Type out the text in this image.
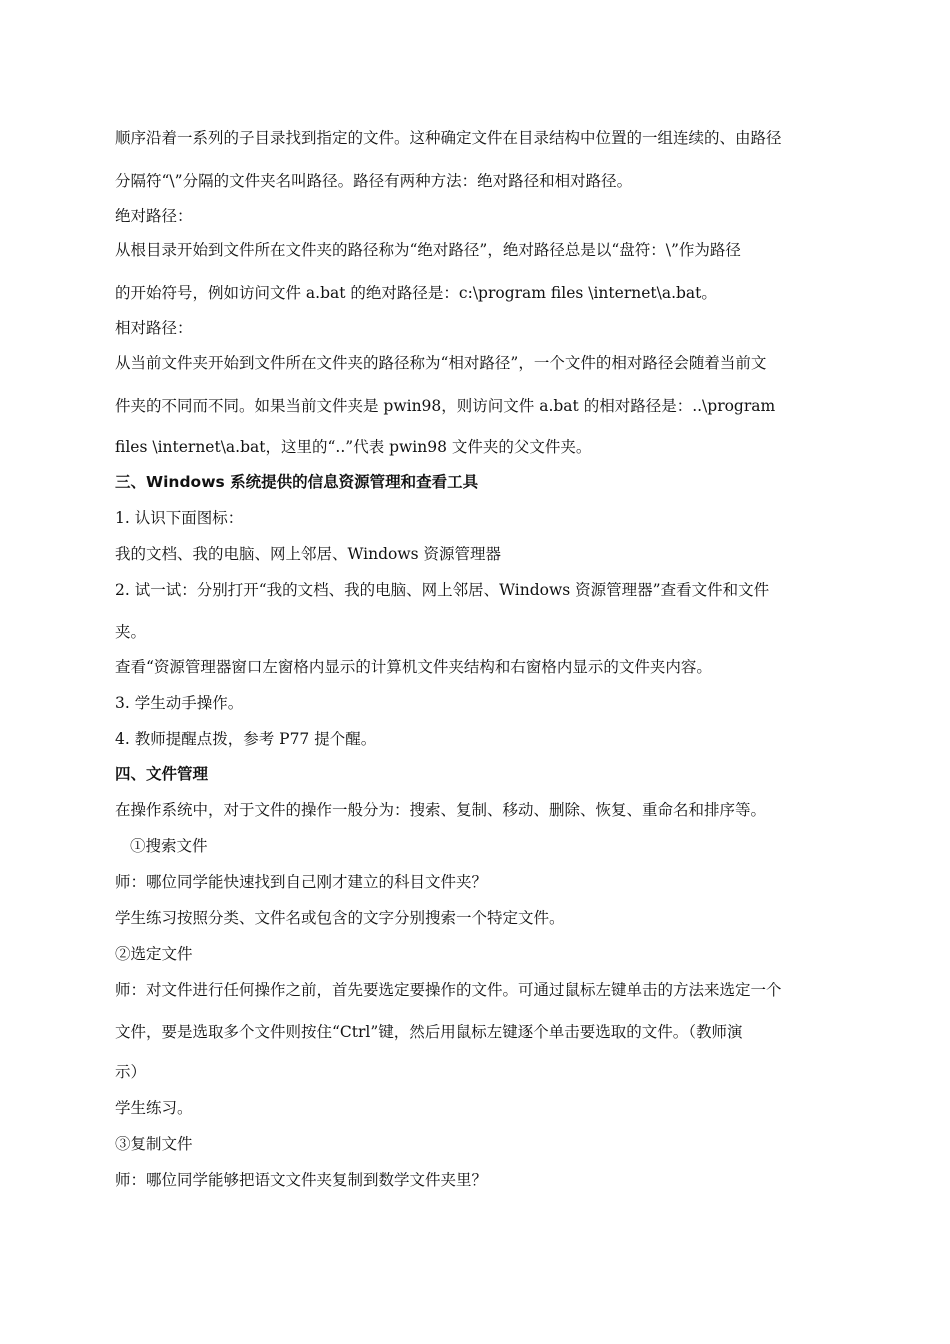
顺序沿着一系列的子目录找到指定的文件。这种确定文件在目录结构中位置的一组连续的、由路径
分隔符“\”分隔的文件夹名叫路径。路径有两种方法：绝对路径和相对路径。
绝对路径：
从根目录开始到文件所在文件夹的路径称为“绝对路径”，绝对路径总是以“盘符：\”作为路径
的开始符号，例如访问文件 a.bat 的绝对路径是：c:\program files \internet\a.bat。
相对路径：
从当前文件夹开始到文件所在文件夹的路径称为“相对路径”，一个文件的相对路径会随着当前文
件夹的不同而不同。如果当前文件夹是 pwin98，则访问文件 a.bat 的相对路径是：..\program
files \internet\a.bat，这里的“..”代表 pwin98 文件夹的父文件夹。
三、Windows 系统提供的信息资源管理和查看工具
1. 认识下面图标：
我的文档、我的电脑、网上邻居、Windows 资源管理器
2. 试一试：分别打开“我的文档、我的电脑、网上邻居、Windows 资源管理器”查看文件和文件
夹。
查看“资源管理器窗口左窗格内显示的计算机文件夹结构和右窗格内显示的文件夹内容。
3. 学生动手操作。
4. 教师提醒点拨，参考 P77 提个醒。
四、文件管理
在操作系统中，对于文件的操作一般分为：搜索、复制、移动、删除、恢复、重命名和排序等。
①搜索文件
师：哪位同学能快速找到自己刚才建立的科目文件夹？
学生练习按照分类、文件名或包含的文字分别搜索一个特定文件。
②选定文件
师：对文件进行任何操作之前，首先要选定要操作的文件。可通过鼠标左键单击的方法来选定一个
文件，要是选取多个文件则按住“Ctrl”键，然后用鼠标左键逐个单击要选取的文件。（教师演
示）
学生练习。
③复制文件
师：哪位同学能够把语文文件夹复制到数学文件夹里？
